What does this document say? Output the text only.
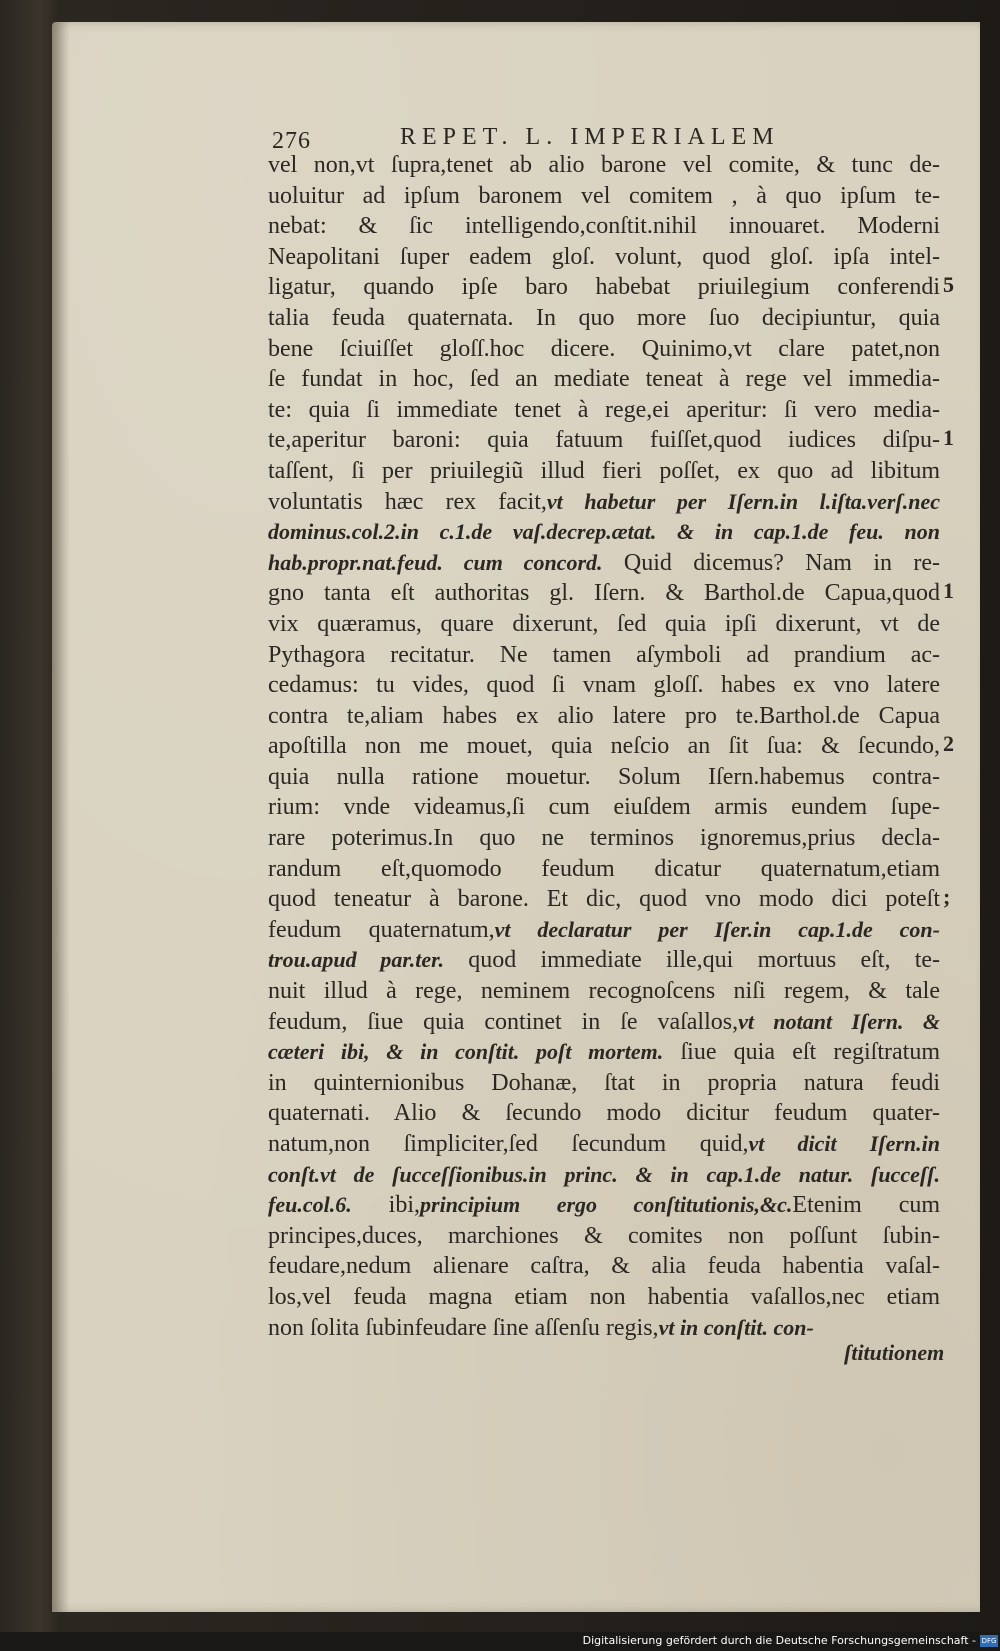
276	REPET. L. IMPERIALEM
vel non,vt ſupra,tenet ab alio barone vel comite, & tunc de-
uoluitur ad ipſum baronem vel comitem , à quo ipſum te-
nebat: & ſic intelligendo,conſtit.nihil innouaret. Moderni
Neapolitani ſuper eadem gloſ. volunt, quod gloſ. ipſa intel-
ligatur, quando ipſe baro habebat priuilegium conferendi
talia feuda quaternata. In quo more ſuo decipiuntur, quia
bene ſciuiſſet gloſſ.hoc dicere. Quinimo,vt clare patet,non
ſe fundat in hoc, ſed an mediate teneat à rege vel immedia-
te: quia ſi immediate tenet à rege,ei aperitur: ſi vero media-
te,aperitur baroni: quia fatuum fuiſſet,quod iudices diſpu-
taſſent, ſi per priuilegiũ illud fieri poſſet, ex quo ad libitum
voluntatis hæc rex facit,vt habetur per Iſern.in l.iſta.verſ.nec
dominus.col.2.in c.1.de vaſ.decrep.ætat. & in cap.1.de feu. non
hab.propr.nat.feud. cum concord. Quid dicemus? Nam in re-
gno tanta eſt authoritas gl. Iſern. & Barthol.de Capua,quod
vix quæramus, quare dixerunt, ſed quia ipſi dixerunt, vt de
Pythagora recitatur. Ne tamen aſymboli ad prandium ac-
cedamus: tu vides, quod ſi vnam gloſſ. habes ex vno latere
contra te,aliam habes ex alio latere pro te.Barthol.de Capua
apoſtilla non me mouet, quia neſcio an ſit ſua: & ſecundo,
quia nulla ratione mouetur. Solum Iſern.habemus contra-
rium: vnde videamus,ſi cum eiuſdem armis eundem ſupe-
rare poterimus.In quo ne terminos ignoremus,prius decla-
randum eſt,quomodo feudum dicatur quaternatum,etiam
quod teneatur à barone. Et dic, quod vno modo dici poteſt
feudum quaternatum,vt declaratur per Iſer.in cap.1.de con-
trou.apud par.ter. quod immediate ille,qui mortuus eſt, te-
nuit illud à rege, neminem recognoſcens niſi regem, & tale
feudum, ſiue quia continet in ſe vaſallos,vt notant Iſern. &
cæteri ibi, & in conſtit. poſt mortem. ſiue quia eſt regiſtratum
in quinternionibus Dohanæ, ſtat in propria natura feudi
quaternati. Alio & ſecundo modo dicitur feudum quater-
natum,non ſimpliciter,ſed ſecundum quid,vt dicit Iſern.in
conſt.vt de ſucceſſionibus.in princ. & in cap.1.de natur. ſucceſſ.
feu.col.6. ibi,principium ergo conſtitutionis,&c.Etenim cum
principes,duces, marchiones & comites non poſſunt ſubin-
feudare,nedum alienare caſtra, & alia feuda habentia vaſal-
los,vel feuda magna etiam non habentia vaſallos,nec etiam
non ſolita ſubinfeudare ſine aſſenſu regis,vt in conſtit. con-
5
1
1
2
;
ſtitutionem
Digitalisierung gefördert durch die Deutsche Forschungsgemeinschaft - DFG
